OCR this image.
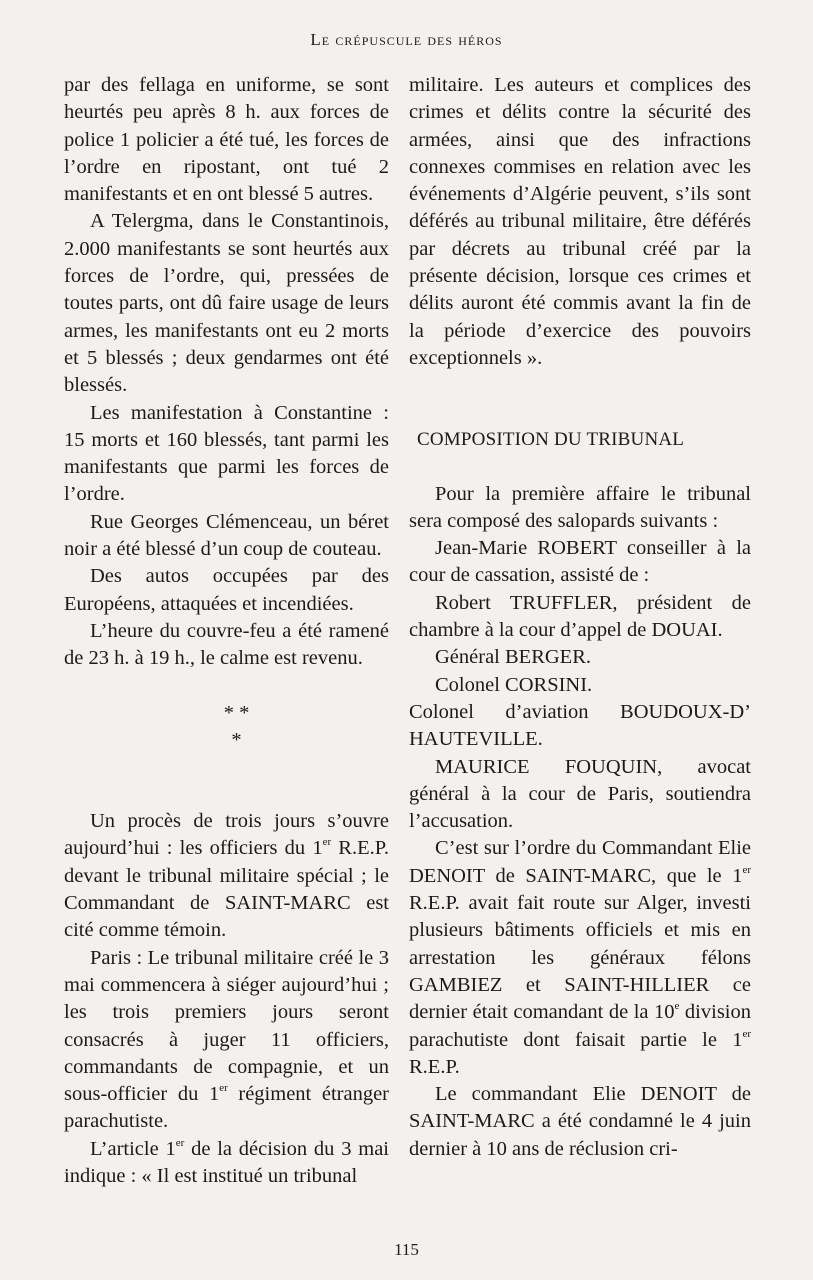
Le crépuscule des héros

par des fellaga en uniforme, se sont heurtés peu après 8 h. aux forces de police 1 policier a été tué, les forces de l’ordre en ripostant, ont tué 2 manifestants et en ont blessé 5 autres.

A Telergma, dans le Constantinois, 2.000 manifestants se sont heurtés aux forces de l’ordre, qui, pressées de toutes parts, ont dû faire usage de leurs armes, les manifestants ont eu 2 morts et 5 blessés ; deux gendarmes ont été blessés.

Les manifestation à Constantine : 15 morts et 160 blessés, tant parmi les manifestants que parmi les forces de l’ordre.

Rue Georges Clémenceau, un béret noir a été blessé d’un coup de couteau.

Des autos occupées par des Européens, attaquées et incendiées.

L’heure du couvre-feu a été ramené de 23 h. à 19 h., le calme est revenu.

* *
*

Un procès de trois jours s’ouvre aujourd’hui : les officiers du 1er R.E.P. devant le tribunal militaire spécial ; le Commandant de SAINT-MARC est cité comme témoin.

Paris : Le tribunal militaire créé le 3 mai commencera à siéger aujourd’hui ; les trois premiers jours seront consacrés à juger 11 officiers, commandants de compagnie, et un sous-officier du 1er régiment étranger parachutiste.

L’article 1er de la décision du 3 mai indique : « Il est institué un tribunal

militaire. Les auteurs et complices des crimes et délits contre la sécurité des armées, ainsi que des infractions connexes commises en relation avec les événements d’Algérie peuvent, s’ils sont déférés au tribunal militaire, être déférés par décrets au tribunal créé par la présente décision, lorsque ces crimes et délits auront été commis avant la fin de la période d’exercice des pouvoirs exceptionnels ».

COMPOSITION DU TRIBUNAL

Pour la première affaire le tribunal sera composé des salopards suivants :

Jean-Marie ROBERT conseiller à la cour de cassation, assisté de :

Robert TRUFFLER, président de chambre à la cour d’appel de DOUAI.

Général BERGER.

Colonel CORSINI.

Colonel d’aviation BOUDOUX-D’ HAUTEVILLE.

MAURICE FOUQUIN, avocat général à la cour de Paris, soutiendra l’accusation.

C’est sur l’ordre du Commandant Elie DENOIT de SAINT-MARC, que le 1er R.E.P. avait fait route sur Alger, investi plusieurs bâtiments officiels et mis en arrestation les généraux félons GAMBIEZ et SAINT-HILLIER ce dernier était comandant de la 10e division parachutiste dont faisait partie le 1er R.E.P.

Le commandant Elie DENOIT de SAINT-MARC a été condamné le 4 juin dernier à 10 ans de réclusion cri-

115
